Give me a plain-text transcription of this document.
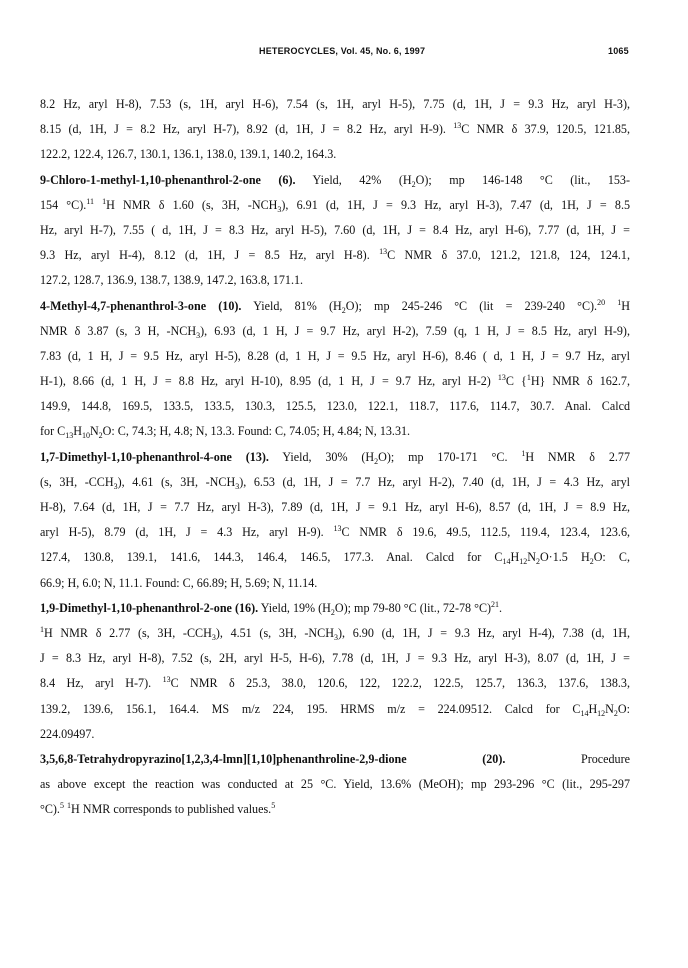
HETEROCYCLES, Vol. 45, No. 6, 1997	1065
8.2 Hz, aryl H-8), 7.53 (s, 1H, aryl H-6), 7.54 (s, 1H, aryl H-5), 7.75 (d, 1H, J = 9.3 Hz, aryl H-3),
8.15 (d, 1H, J = 8.2 Hz, aryl H-7), 8.92 (d, 1H, J = 8.2 Hz, aryl H-9). $^{13}$C NMR δ 37.9, 120.5, 121.85,
122.2, 122.4, 126.7, 130.1, 136.1, 138.0, 139.1, 140.2, 164.3.
9-Chloro-1-methyl-1,10-phenanthrol-2-one (6). Yield, 42% $(H_2O)$; mp 146-148 °C (lit., 153-
154 °C).$^{11}$ $^1$H NMR δ 1.60 (s, 3H, $-NCH_3$), 6.91 (d, 1H, J = 9.3 Hz, aryl H-3), 7.47 (d, 1H, J = 8.5
Hz, aryl H-7), 7.55 ( d, 1H, J = 8.3 Hz, aryl H-5), 7.60 (d, 1H, J = 8.4 Hz, aryl H-6), 7.77 (d, 1H, J =
9.3 Hz, aryl H-4), 8.12 (d, 1H, J = 8.5 Hz, aryl H-8). $^{13}$C NMR δ 37.0, 121.2, 121.8, 124, 124.1,
127.2, 128.7, 136.9, 138.7, 138.9, 147.2, 163.8, 171.1.
4-Methyl-4,7-phenanthrol-3-one (10). Yield, 81% $(H_2O)$; mp 245-246 °C (lit = 239-240 °C).$^{20}$ $^1$H
NMR δ 3.87 (s, 3 H, $-NCH_3$), 6.93 (d, 1 H, J = 9.7 Hz, aryl H-2), 7.59 (q, 1 H, J = 8.5 Hz, aryl H-9),
7.83 (d, 1 H, J = 9.5 Hz, aryl H-5), 8.28 (d, 1 H, J = 9.5 Hz, aryl H-6), 8.46 ( d, 1 H, J = 9.7 Hz, aryl
H-1), 8.66 (d, 1 H, J = 8.8 Hz, aryl H-10), 8.95 (d, 1 H, J = 9.7 Hz, aryl H-2) $^{13}$C {$^1$H} NMR δ 162.7,
149.9, 144.8, 169.5, 133.5, 133.5, 130.3, 125.5, 123.0, 122.1, 118.7, 117.6, 114.7, 30.7. Anal. Calcd
for $C_{13}H_{10}N_2O$: C, 74.3; H, 4.8; N, 13.3. Found: C, 74.05; H, 4.84; N, 13.31.
1,7-Dimethyl-1,10-phenanthrol-4-one (13). Yield, 30% $(H_2O)$; mp 170-171 °C. $^1$H NMR δ 2.77
(s, 3H, $-CCH_3$), 4.61 (s, 3H, $-NCH_3$), 6.53 (d, 1H, J = 7.7 Hz, aryl H-2), 7.40 (d, 1H, J = 4.3 Hz, aryl
H-8), 7.64 (d, 1H, J = 7.7 Hz, aryl H-3), 7.89 (d, 1H, J = 9.1 Hz, aryl H-6), 8.57 (d, 1H, J = 8.9 Hz,
aryl H-5), 8.79 (d, 1H, J = 4.3 Hz, aryl H-9). $^{13}$C NMR δ 19.6, 49.5, 112.5, 119.4, 123.4, 123.6,
127.4, 130.8, 139.1, 141.6, 144.3, 146.4, 146.5, 177.3. Anal. Calcd for $C_{14}H_{12}N_2O\cdot 1.5$ $H_2O$: C,
66.9; H, 6.0; N, 11.1. Found: C, 66.89; H, 5.69; N, 11.14.
1,9-Dimethyl-1,10-phenanthrol-2-one (16). Yield, 19% $(H_2O)$; mp 79-80 °C (lit., 72-78 °C)$^{21}$.
$^1$H NMR δ 2.77 (s, 3H, $-CCH_3$), 4.51 (s, 3H, $-NCH_3$), 6.90 (d, 1H, J = 9.3 Hz, aryl H-4), 7.38 (d, 1H,
J = 8.3 Hz, aryl H-8), 7.52 (s, 2H, aryl H-5, H-6), 7.78 (d, 1H, J = 9.3 Hz, aryl H-3), 8.07 (d, 1H, J =
8.4 Hz, aryl H-7). $^{13}$C NMR δ 25.3, 38.0, 120.6, 122, 122.2, 122.5, 125.7, 136.3, 137.6, 138.3,
139.2, 139.6, 156.1, 164.4. MS m/z 224, 195. HRMS m/z = 224.09512. Calcd for $C_{14}H_{12}N_2O$:
224.09497.
3,5,6,8-Tetrahydropyrazino[1,2,3,4-lmn][1,10]phenanthroline-2,9-dione (20).	Procedure
as above except the reaction was conducted at 25 °C. Yield, 13.6% (MeOH); mp 293-296 °C (lit., 295-297
°C).$^5$ $^1$H NMR corresponds to published values.$^5$
